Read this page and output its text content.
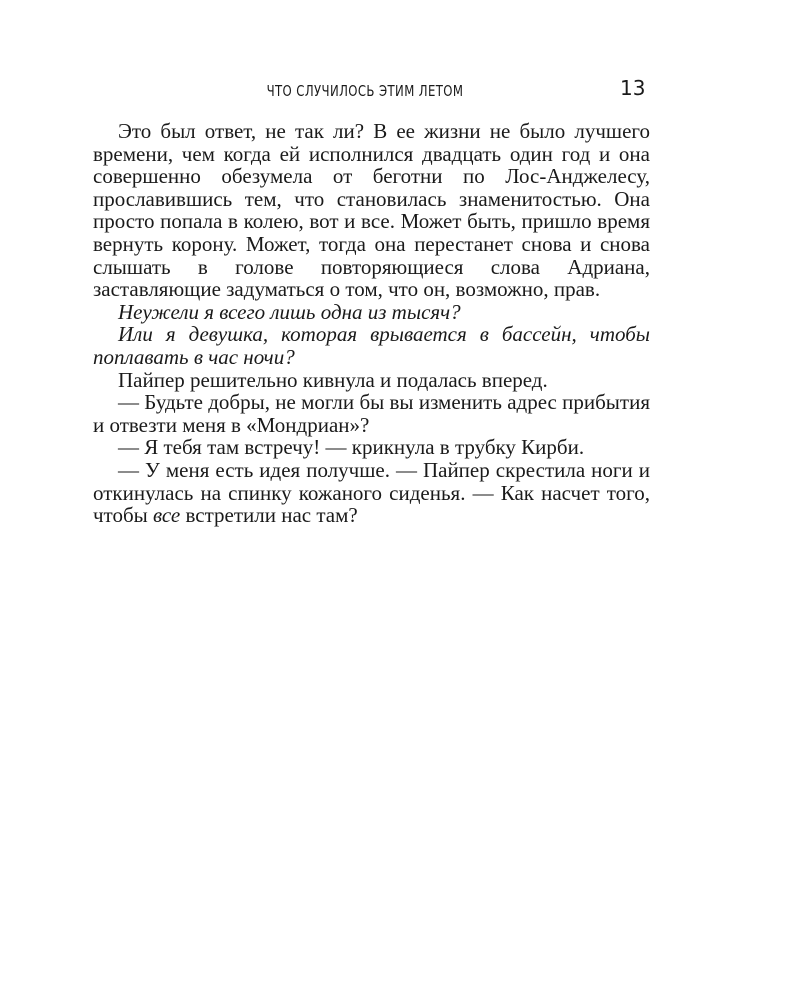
ЧТО СЛУЧИЛОСЬ ЭТИМ ЛЕТОМ	13

Это был ответ, не так ли? В ее жизни не было лучшего времени, чем когда ей исполнился двадцать один год и она совершенно обезумела от беготни по Лос-Анджелесу, прославившись тем, что становилась знаменитостью. Она просто попала в колею, вот и все. Может быть, пришло время вернуть корону. Может, тогда она перестанет снова и снова слышать в голове повторяющиеся слова Адриана, заставляющие задуматься о том, что он, возможно, прав.

Неужели я всего лишь одна из тысяч?

Или я девушка, которая врывается в бассейн, чтобы поплавать в час ночи?

Пайпер решительно кивнула и подалась вперед.

— Будьте добры, не могли бы вы изменить адрес прибытия и отвезти меня в «Мондриан»?

— Я тебя там встречу! — крикнула в трубку Кирби.

— У меня есть идея получше. — Пайпер скрестила ноги и откинулась на спинку кожаного сиденья. — Как насчет того, чтобы все встретили нас там?
